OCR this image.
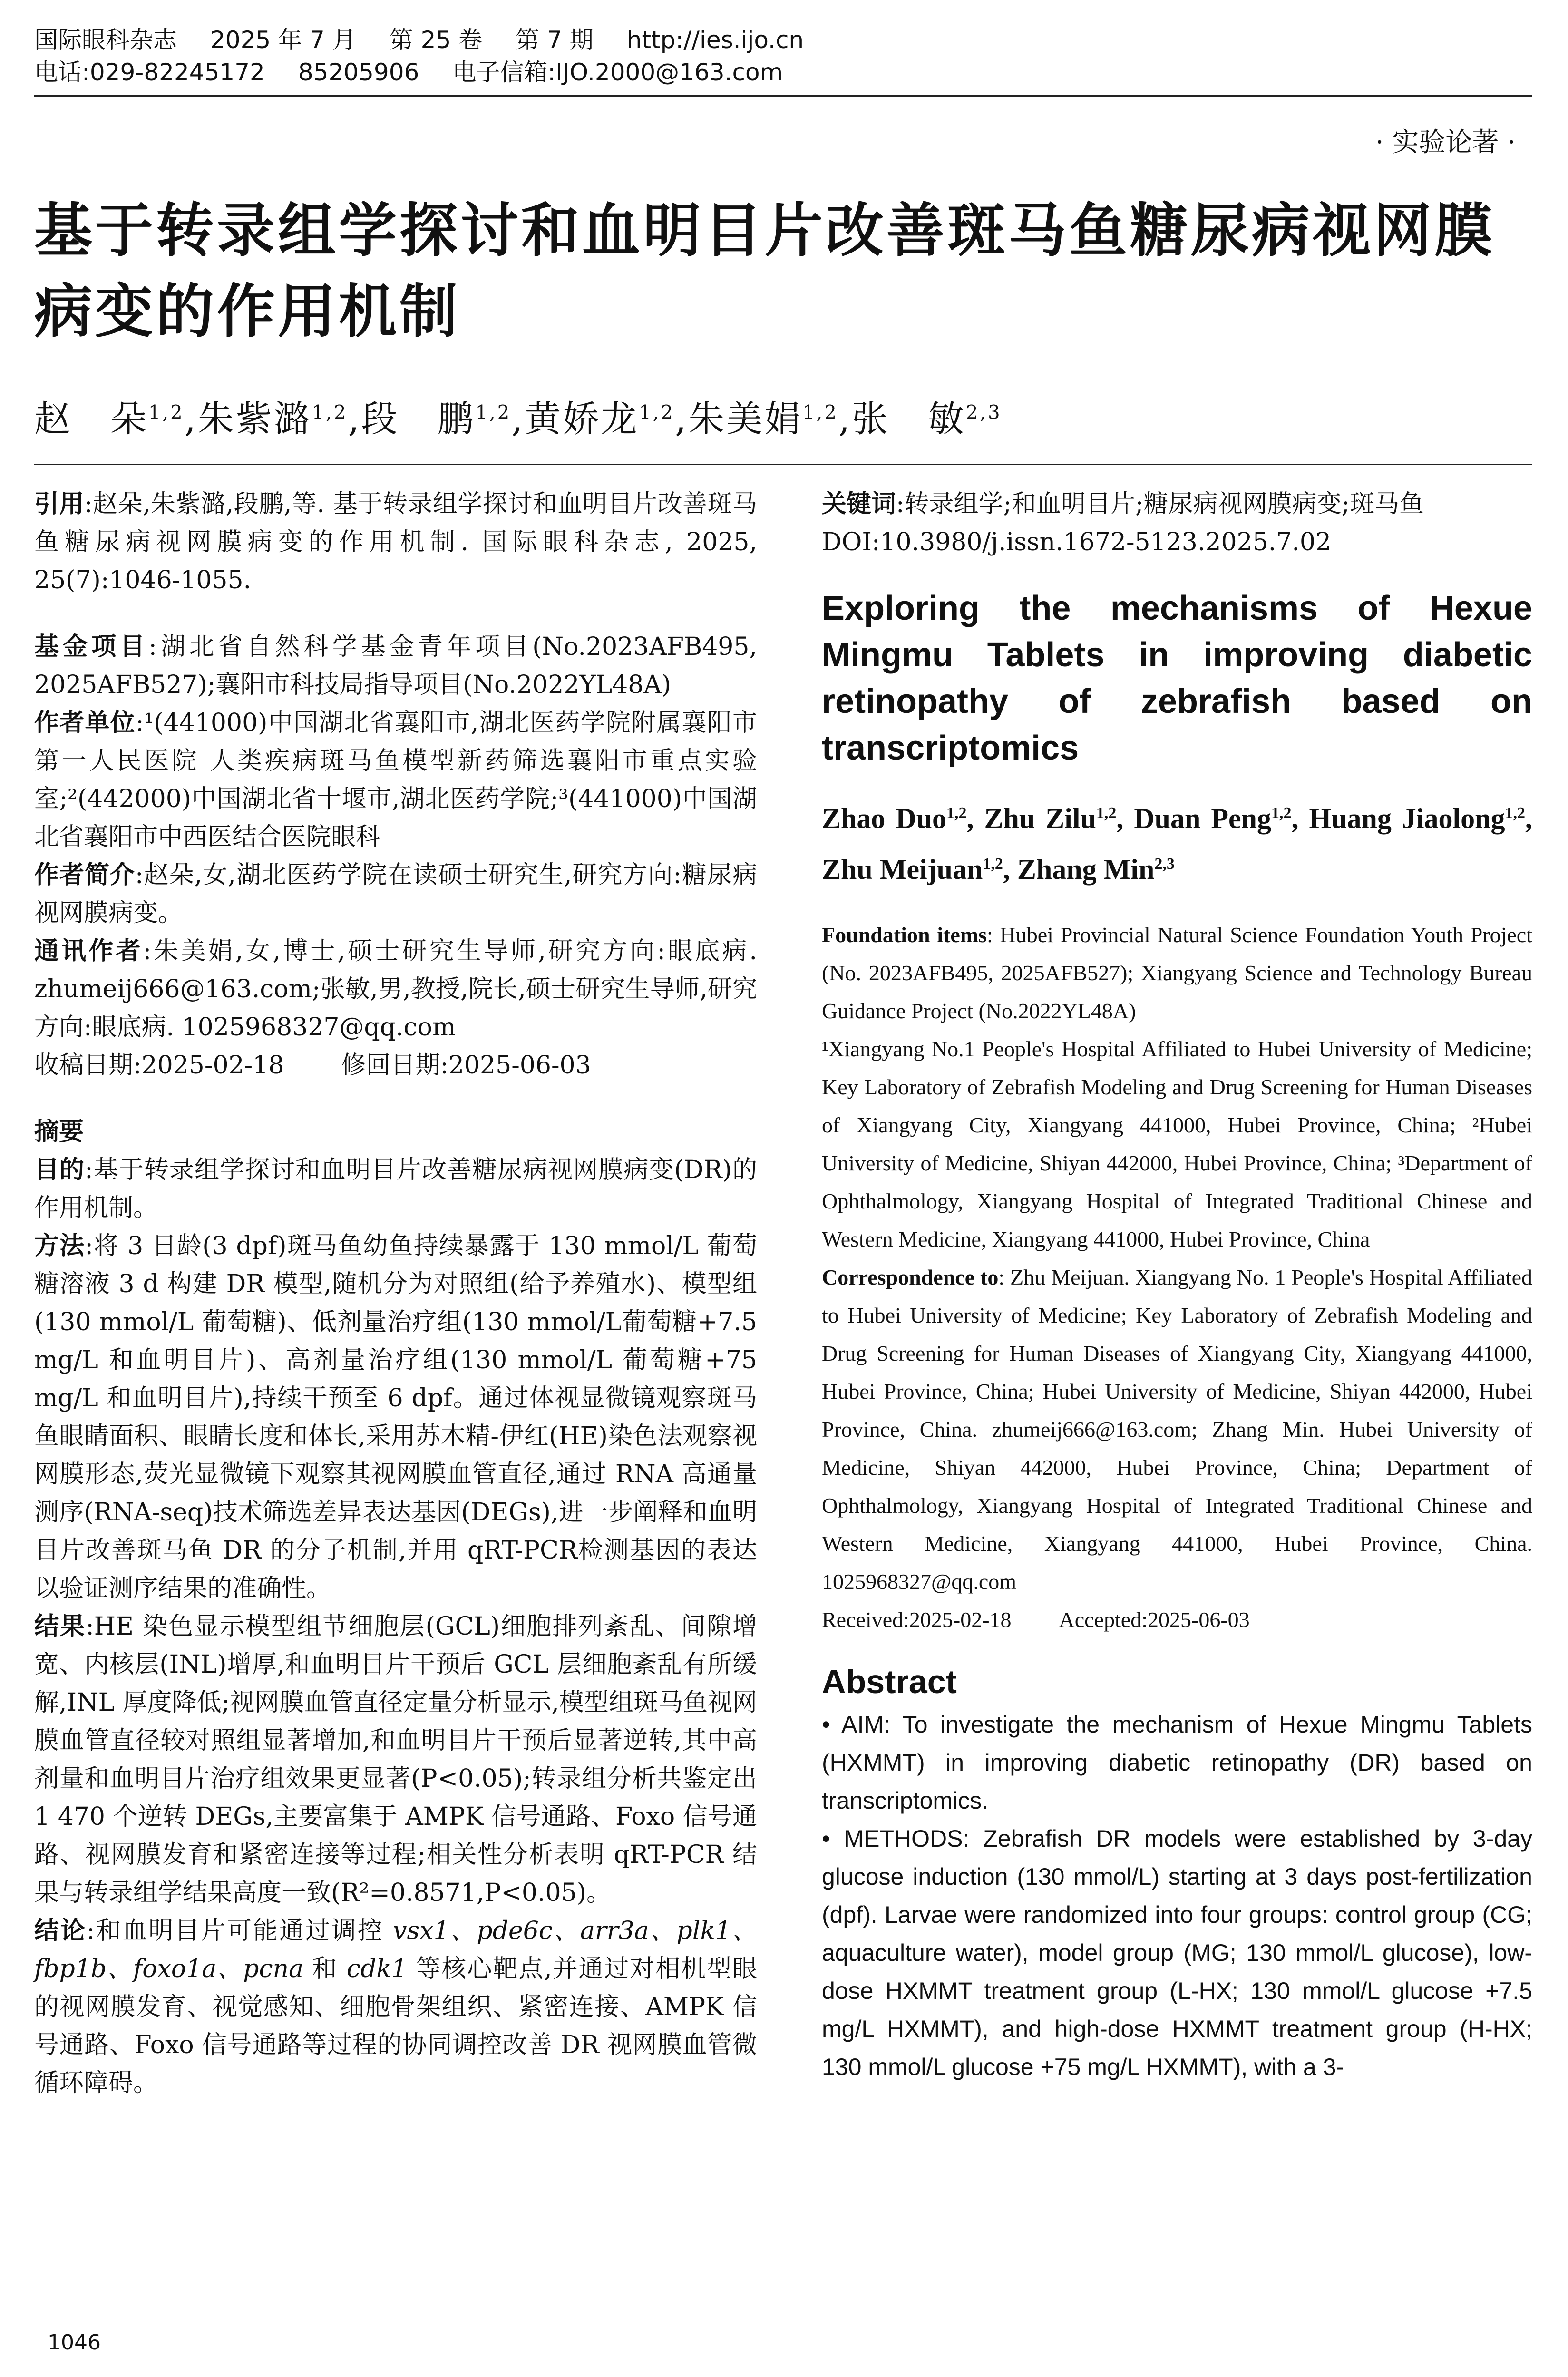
国际眼科杂志 2025 年 7 月 第 25 卷 第 7 期 http://ies.ijo.cn
电话:029-82245172 85205906 电子信箱:IJO.2000@163.com
· 实验论著 ·
基于转录组学探讨和血明目片改善斑马鱼糖尿病视网膜病变的作用机制
赵　朵$^{1,2}$,朱紫潞$^{1,2}$,段　鹏$^{1,2}$,黄娇龙$^{1,2}$,朱美娟$^{1,2}$,张　敏$^{2,3}$

引用:赵朵,朱紫潞,段鹏,等. 基于转录组学探讨和血明目片改善斑马鱼糖尿病视网膜病变的作用机制. 国际眼科杂志, 2025, 25(7):1046-1055.

基金项目:湖北省自然科学基金青年项目(No.2023AFB495, 2025AFB527);襄阳市科技局指导项目(No.2022YL48A)

作者单位:¹(441000)中国湖北省襄阳市,湖北医药学院附属襄阳市第一人民医院 人类疾病斑马鱼模型新药筛选襄阳市重点实验室;²(442000)中国湖北省十堰市,湖北医药学院;³(441000)中国湖北省襄阳市中西医结合医院眼科

作者简介:赵朵,女,湖北医药学院在读硕士研究生,研究方向:糖尿病视网膜病变。

通讯作者:朱美娟,女,博士,硕士研究生导师,研究方向:眼底病. zhumeij666@163.com;张敏,男,教授,院长,硕士研究生导师,研究方向:眼底病. 1025968327@qq.com

收稿日期:2025-02-18 修回日期:2025-06-03

摘要

目的:基于转录组学探讨和血明目片改善糖尿病视网膜病变(DR)的作用机制。

方法:将 3 日龄(3 dpf)斑马鱼幼鱼持续暴露于 130 mmol/L 葡萄糖溶液 3 d 构建 DR 模型,随机分为对照组(给予养殖水)、模型组(130 mmol/L 葡萄糖)、低剂量治疗组(130 mmol/L葡萄糖+7.5 mg/L 和血明目片)、高剂量治疗组(130 mmol/L 葡萄糖+75 mg/L 和血明目片),持续干预至 6 dpf。通过体视显微镜观察斑马鱼眼睛面积、眼睛长度和体长,采用苏木精-伊红(HE)染色法观察视网膜形态,荧光显微镜下观察其视网膜血管直径,通过 RNA 高通量测序(RNA-seq)技术筛选差异表达基因(DEGs),进一步阐释和血明目片改善斑马鱼 DR 的分子机制,并用 qRT-PCR检测基因的表达以验证测序结果的准确性。

结果:HE 染色显示模型组节细胞层(GCL)细胞排列紊乱、间隙增宽、内核层(INL)增厚,和血明目片干预后 GCL 层细胞紊乱有所缓解,INL 厚度降低;视网膜血管直径定量分析显示,模型组斑马鱼视网膜血管直径较对照组显著增加,和血明目片干预后显著逆转,其中高剂量和血明目片治疗组效果更显著(P<0.05);转录组分析共鉴定出 1 470 个逆转 DEGs,主要富集于 AMPK 信号通路、Foxo 信号通路、视网膜发育和紧密连接等过程;相关性分析表明 qRT-PCR 结果与转录组学结果高度一致(R²=0.8571,P<0.05)。

结论:和血明目片可能通过调控 vsx1、pde6c、arr3a、plk1、fbp1b、foxo1a、pcna 和 cdk1 等核心靶点,并通过对相机型眼的视网膜发育、视觉感知、细胞骨架组织、紧密连接、AMPK 信号通路、Foxo 信号通路等过程的协同调控改善 DR 视网膜血管微循环障碍。

关键词:转录组学;和血明目片;糖尿病视网膜病变;斑马鱼

DOI:10.3980/j.issn.1672-5123.2025.7.02

Exploring the mechanisms of Hexue Mingmu Tablets in improving diabetic retinopathy of zebrafish based on transcriptomics

Zhao Duo$^{1,2}$, Zhu Zilu$^{1,2}$, Duan Peng$^{1,2}$, Huang Jiaolong$^{1,2}$, Zhu Meijuan$^{1,2}$, Zhang Min$^{2,3}$

Foundation items: Hubei Provincial Natural Science Foundation Youth Project (No. 2023AFB495, 2025AFB527); Xiangyang Science and Technology Bureau Guidance Project (No.2022YL48A)

¹Xiangyang No.1 People's Hospital Affiliated to Hubei University of Medicine; Key Laboratory of Zebrafish Modeling and Drug Screening for Human Diseases of Xiangyang City, Xiangyang 441000, Hubei Province, China; ²Hubei University of Medicine, Shiyan 442000, Hubei Province, China; ³Department of Ophthalmology, Xiangyang Hospital of Integrated Traditional Chinese and Western Medicine, Xiangyang 441000, Hubei Province, China

Correspondence to: Zhu Meijuan. Xiangyang No. 1 People's Hospital Affiliated to Hubei University of Medicine; Key Laboratory of Zebrafish Modeling and Drug Screening for Human Diseases of Xiangyang City, Xiangyang 441000, Hubei Province, China; Hubei University of Medicine, Shiyan 442000, Hubei Province, China. zhumeij666@163.com; Zhang Min. Hubei University of Medicine, Shiyan 442000, Hubei Province, China; Department of Ophthalmology, Xiangyang Hospital of Integrated Traditional Chinese and Western Medicine, Xiangyang 441000, Hubei Province, China. 1025968327@qq.com

Received:2025-02-18 Accepted:2025-06-03

Abstract

• AIM: To investigate the mechanism of Hexue Mingmu Tablets (HXMMT) in improving diabetic retinopathy (DR) based on transcriptomics.

• METHODS: Zebrafish DR models were established by 3-day glucose induction (130 mmol/L) starting at 3 days post-fertilization (dpf). Larvae were randomized into four groups: control group (CG; aquaculture water), model group (MG; 130 mmol/L glucose), low-dose HXMMT treatment group (L-HX; 130 mmol/L glucose +7.5 mg/L HXMMT), and high-dose HXMMT treatment group (H-HX; 130 mmol/L glucose +75 mg/L HXMMT), with a 3-

1046
